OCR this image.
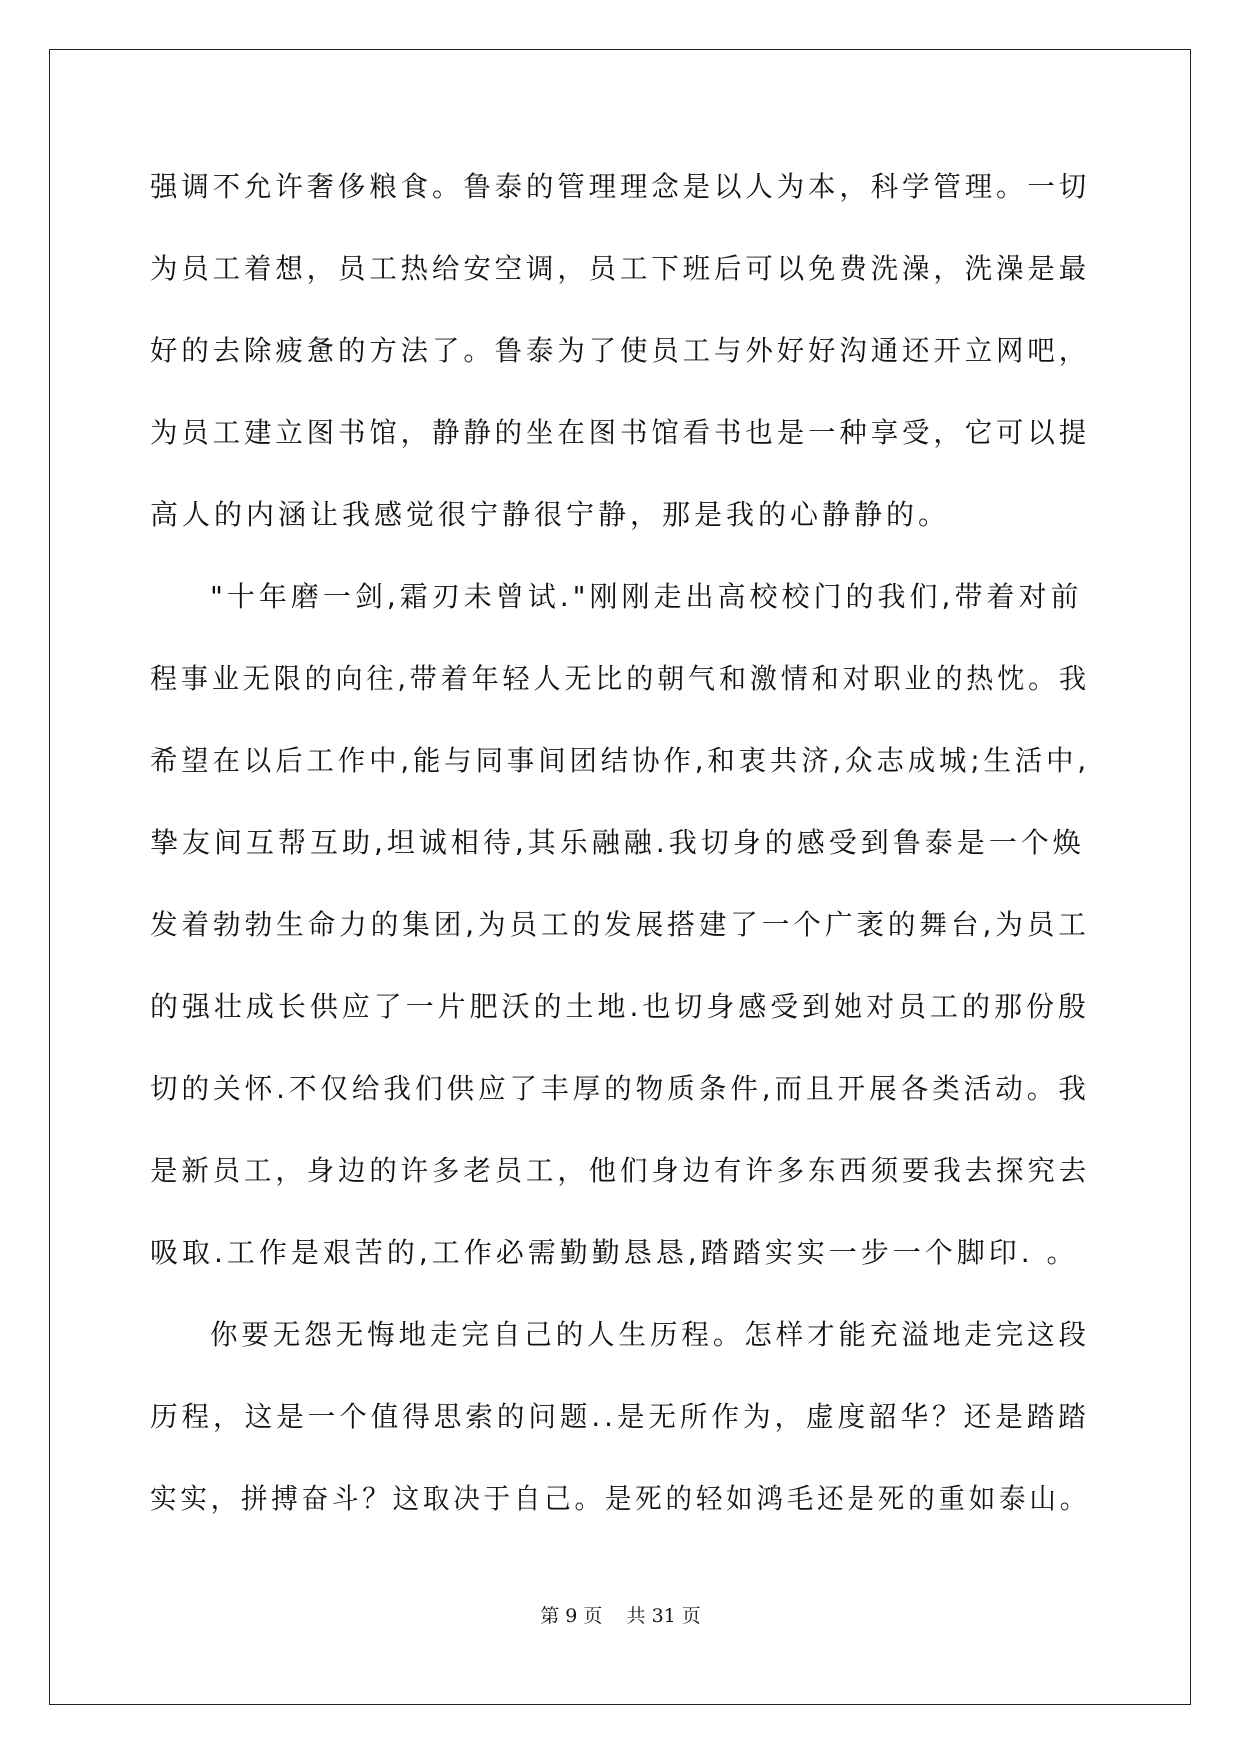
强调不允许奢侈粮食。鲁泰的管理理念是以人为本，科学管理。一切
为员工着想，员工热给安空调，员工下班后可以免费洗澡，洗澡是最
好的去除疲惫的方法了。鲁泰为了使员工与外好好沟通还开立网吧，
为员工建立图书馆，静静的坐在图书馆看书也是一种享受，它可以提
高人的内涵让我感觉很宁静很宁静，那是我的心静静的。
"十年磨一剑,霜刃未曾试."刚刚走出高校校门的我们,带着对前
程事业无限的向往,带着年轻人无比的朝气和激情和对职业的热忱。我
希望在以后工作中,能与同事间团结协作,和衷共济,众志成城;生活中,
挚友间互帮互助,坦诚相待,其乐融融.我切身的感受到鲁泰是一个焕
发着勃勃生命力的集团,为员工的发展搭建了一个广袤的舞台,为员工
的强壮成长供应了一片肥沃的土地.也切身感受到她对员工的那份殷
切的关怀.不仅给我们供应了丰厚的物质条件,而且开展各类活动。我
是新员工，身边的许多老员工，他们身边有许多东西须要我去探究去
吸取.工作是艰苦的,工作必需勤勤恳恳,踏踏实实一步一个脚印. 。
你要无怨无悔地走完自己的人生历程。怎样才能充溢地走完这段
历程，这是一个值得思索的问题..是无所作为，虚度韶华？还是踏踏
实实，拼搏奋斗？这取决于自己。是死的轻如鸿毛还是死的重如泰山。
第 9 页    共 31 页
